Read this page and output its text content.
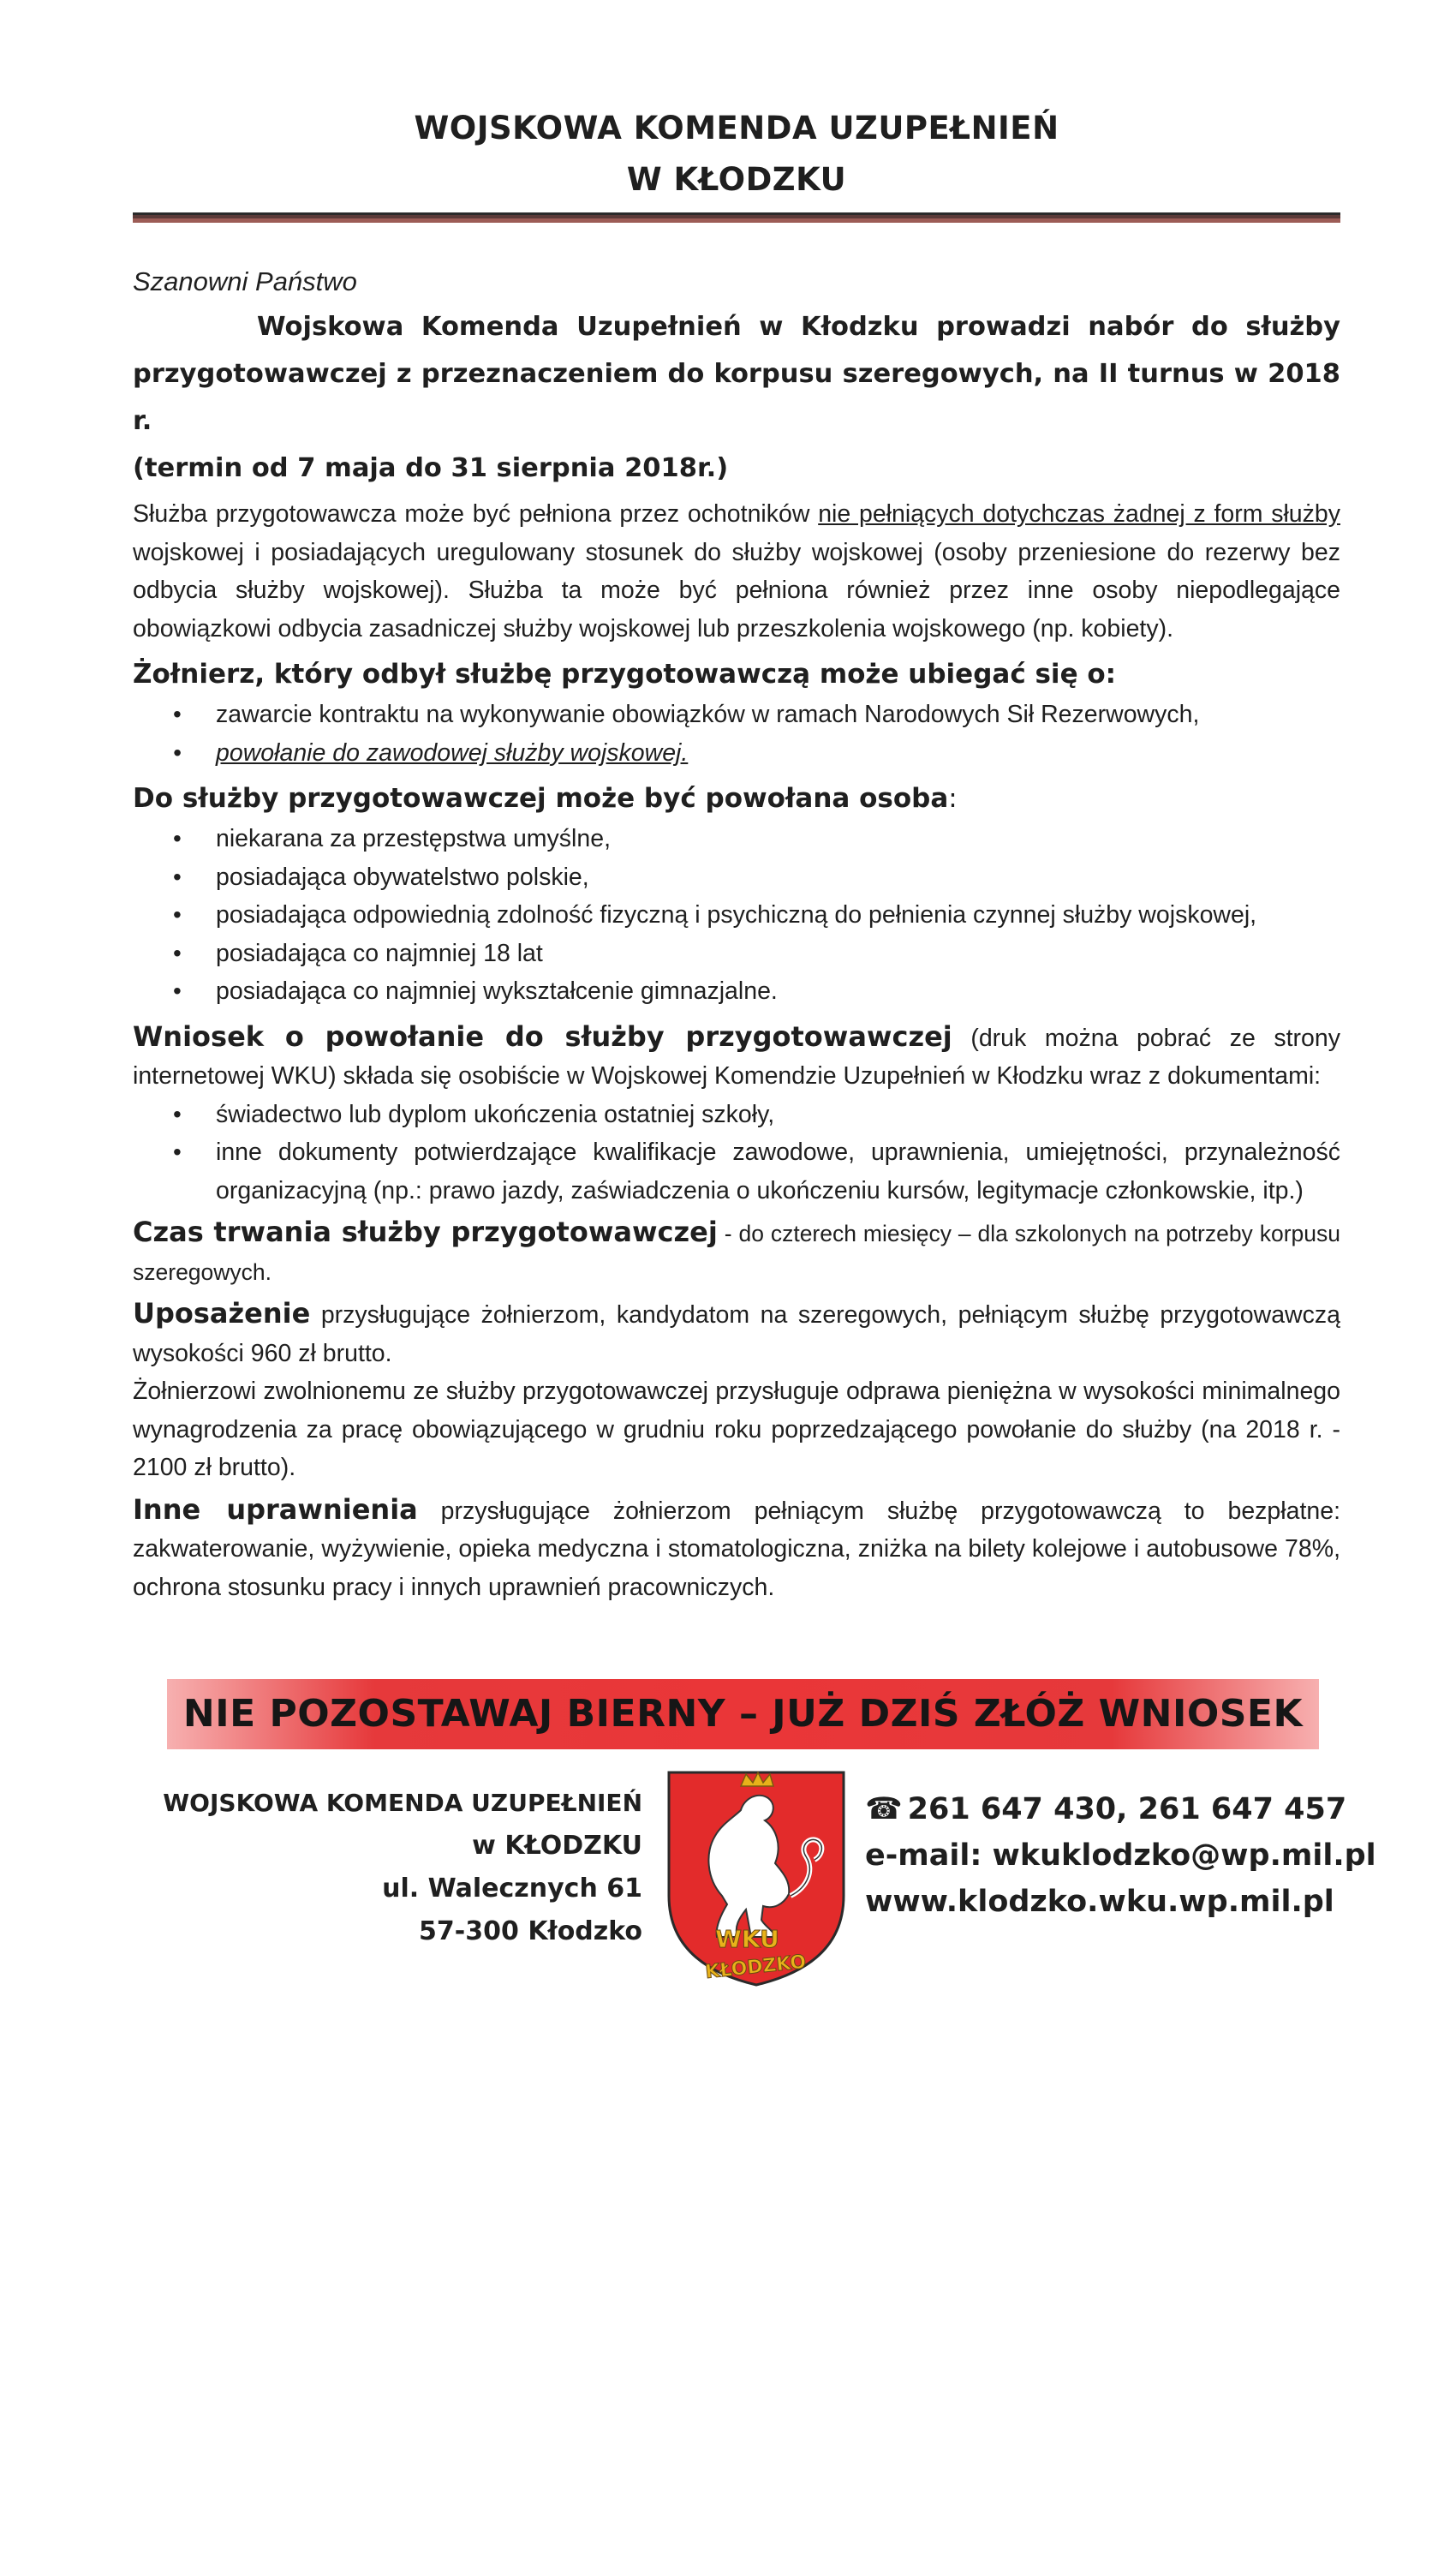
WOJSKOWA KOMENDA UZUPEŁNIEŃ
W KŁODZKU

Szanowni Państwo

Wojskowa Komenda Uzupełnień w Kłodzku prowadzi nabór do służby przygotowawczej z przeznaczeniem do korpusu szeregowych, na II turnus w 2018 r.

(termin od 7 maja do 31 sierpnia 2018r.)

Służba przygotowawcza może być pełniona przez ochotników nie pełniących dotychczas żadnej z form służby wojskowej i posiadających uregulowany stosunek do służby wojskowej (osoby przeniesione do rezerwy bez odbycia służby wojskowej). Służba ta może być pełniona również przez inne osoby niepodlegające obowiązkowi odbycia zasadniczej służby wojskowej lub przeszkolenia wojskowego (np. kobiety).

Żołnierz, który odbył służbę przygotowawczą może ubiegać się o:

• zawarcie kontraktu na wykonywanie obowiązków w ramach Narodowych Sił Rezerwowych,
• powołanie do zawodowej służby wojskowej.

Do służby przygotowawczej może być powołana osoba:

• niekarana za przestępstwa umyślne,
• posiadająca obywatelstwo polskie,
• posiadająca odpowiednią zdolność fizyczną i psychiczną do pełnienia czynnej służby wojskowej,
• posiadająca co najmniej 18 lat
• posiadająca co najmniej wykształcenie gimnazjalne.

Wniosek o powołanie do służby przygotowawczej (druk można pobrać ze strony internetowej WKU) składa się osobiście w Wojskowej Komendzie Uzupełnień w Kłodzku wraz z dokumentami:

• świadectwo lub dyplom ukończenia ostatniej szkoły,
• inne dokumenty potwierdzające kwalifikacje zawodowe, uprawnienia, umiejętności, przynależność organizacyjną (np.: prawo jazdy, zaświadczenia o ukończeniu kursów, legitymacje członkowskie, itp.)

Czas trwania służby przygotowawczej - do czterech miesięcy – dla szkolonych na potrzeby korpusu szeregowych.

Uposażenie przysługujące żołnierzom, kandydatom na szeregowych, pełniącym służbę przygotowawczą wysokości 960 zł brutto.

Żołnierzowi zwolnionemu ze służby przygotowawczej przysługuje odprawa pieniężna w wysokości minimalnego wynagrodzenia za pracę obowiązującego w grudniu roku poprzedzającego powołanie do służby (na 2018 r. - 2100 zł brutto).

Inne uprawnienia przysługujące żołnierzom pełniącym służbę przygotowawczą to bezpłatne: zakwaterowanie, wyżywienie, opieka medyczna i stomatologiczna, zniżka na bilety kolejowe i autobusowe 78%, ochrona stosunku pracy i innych uprawnień pracowniczych.

NIE POZOSTAWAJ BIERNY – JUŻ DZIŚ ZŁÓŻ WNIOSEK
WOJSKOWA KOMENDA UZUPEŁNIEŃ
w KŁODZKU
ul. Walecznych 61
57-300 Kłodzko	WKU
KŁODZKO
☎ 261 647 430, 261 647 457
e-mail: wkuklodzko@wp.mil.pl
www.klodzko.wku.wp.mil.pl
